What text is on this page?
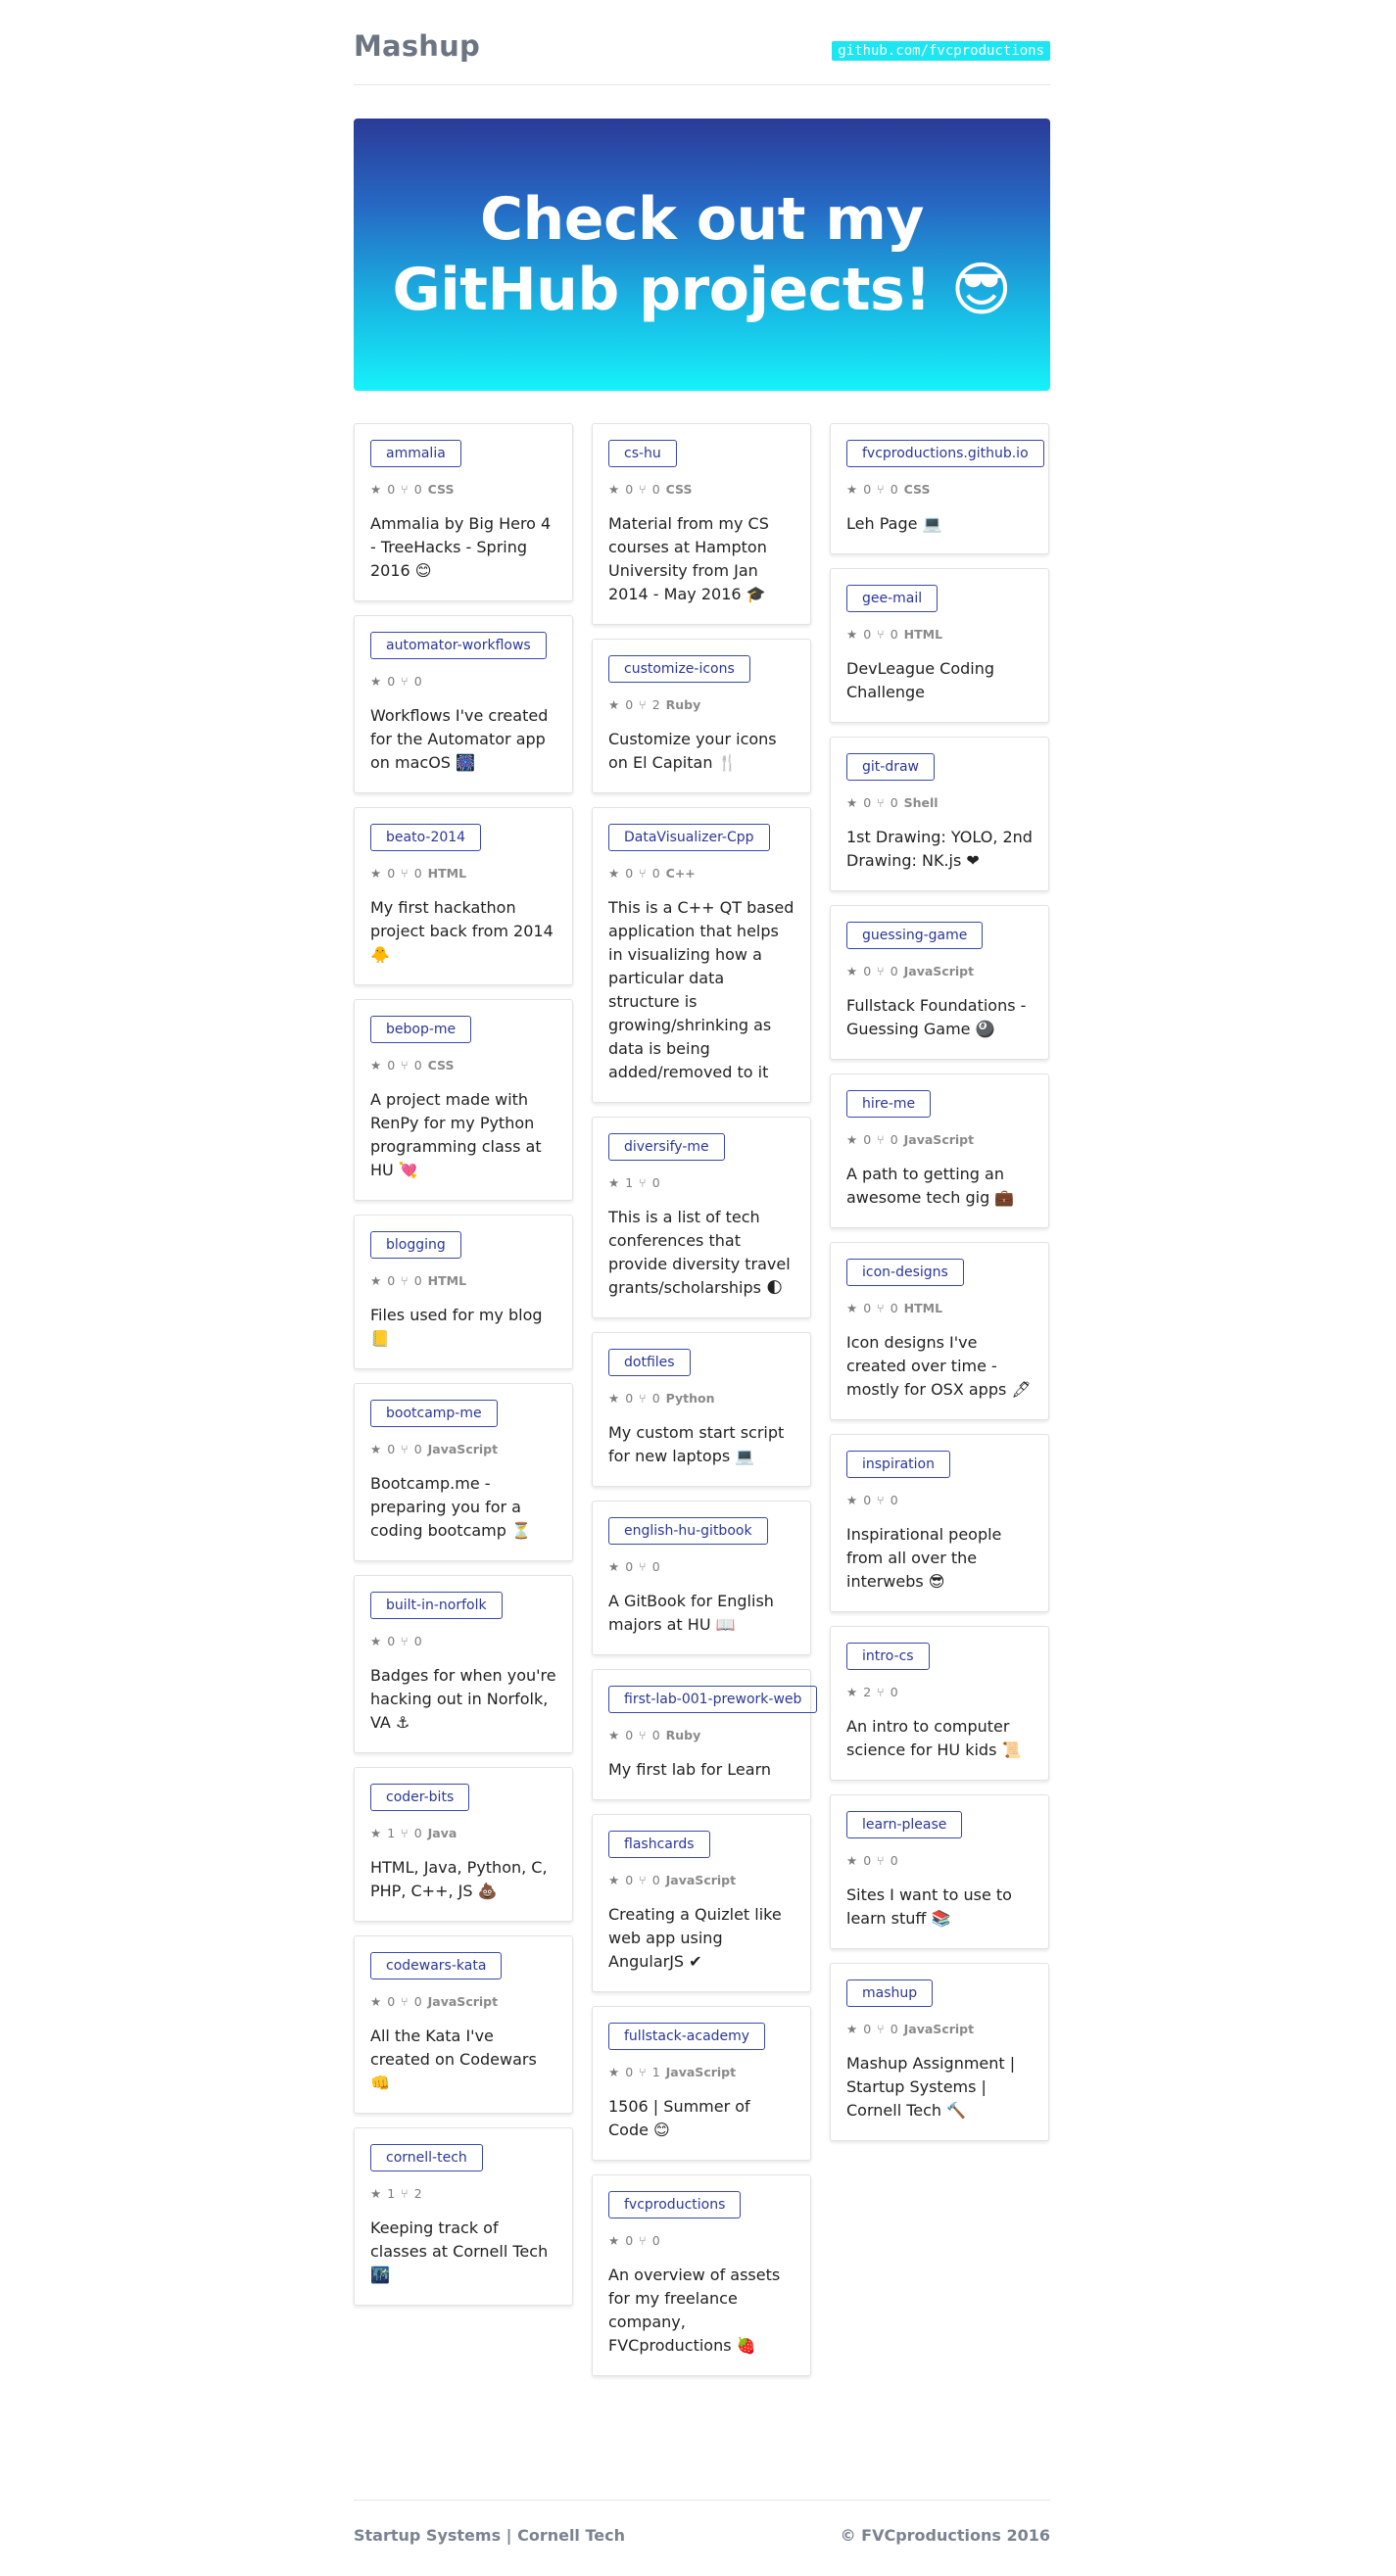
Mashup	github.com/fvcproductions
Check out my
GitHub projects! 😎
ammalia
★ 0 ⑂ 0 CSS
Ammalia by Big Hero 4 - TreeHacks - Spring 2016 😊
automator-workflows
★ 0 ⑂ 0
Workflows I've created for the Automator app on macOS 🎆
beato-2014
★ 0 ⑂ 0 HTML
My first hackathon project back from 2014 🐥
bebop-me
★ 0 ⑂ 0 CSS
A project made with RenPy for my Python programming class at HU 💘
blogging
★ 0 ⑂ 0 HTML
Files used for my blog 📒
bootcamp-me
★ 0 ⑂ 0 JavaScript
Bootcamp.me - preparing you for a coding bootcamp ⏳
built-in-norfolk
★ 0 ⑂ 0
Badges for when you're hacking out in Norfolk, VA ⚓
coder-bits
★ 1 ⑂ 0 Java
HTML, Java, Python, C, PHP, C++, JS 💩
codewars-kata
★ 0 ⑂ 0 JavaScript
All the Kata I've created on Codewars 👊
cornell-tech
★ 1 ⑂ 2
Keeping track of classes at Cornell Tech 🌃
cs-hu
★ 0 ⑂ 0 CSS
Material from my CS courses at Hampton University from Jan 2014 - May 2016 🎓
customize-icons
★ 0 ⑂ 2 Ruby
Customize your icons on El Capitan 🍴
DataVisualizer-Cpp
★ 0 ⑂ 0 C++
This is a C++ QT based application that helps in visualizing how a particular data structure is growing/shrinking as data is being added/removed to it
diversify-me
★ 1 ⑂ 0
This is a list of tech conferences that provide diversity travel grants/scholarships 🌓
dotfiles
★ 0 ⑂ 0 Python
My custom start script for new laptops 💻
english-hu-gitbook
★ 0 ⑂ 0
A GitBook for English majors at HU 📖
first-lab-001-prework-web
★ 0 ⑂ 0 Ruby
My first lab for Learn
flashcards
★ 0 ⑂ 0 JavaScript
Creating a Quizlet like web app using AngularJS ✔
fullstack-academy
★ 0 ⑂ 1 JavaScript
1506 | Summer of Code 😊
fvcproductions
★ 0 ⑂ 0
An overview of assets for my freelance company, FVCproductions 🍓
fvcproductions.github.io
★ 0 ⑂ 0 CSS
Leh Page 💻
gee-mail
★ 0 ⑂ 0 HTML
DevLeague Coding Challenge
git-draw
★ 0 ⑂ 0 Shell
1st Drawing: YOLO, 2nd Drawing: NK.js ❤
guessing-game
★ 0 ⑂ 0 JavaScript
Fullstack Foundations - Guessing Game 🎱
hire-me
★ 0 ⑂ 0 JavaScript
A path to getting an awesome tech gig 💼
icon-designs
★ 0 ⑂ 0 HTML
Icon designs I've created over time - mostly for OSX apps 🖋
inspiration
★ 0 ⑂ 0
Inspirational people from all over the interwebs 😎
intro-cs
★ 2 ⑂ 0
An intro to computer science for HU kids 📜
learn-please
★ 0 ⑂ 0
Sites I want to use to learn stuff 📚
mashup
★ 0 ⑂ 0 JavaScript
Mashup Assignment | Startup Systems | Cornell Tech 🔨
Startup Systems | Cornell Tech	© FVCproductions 2016
